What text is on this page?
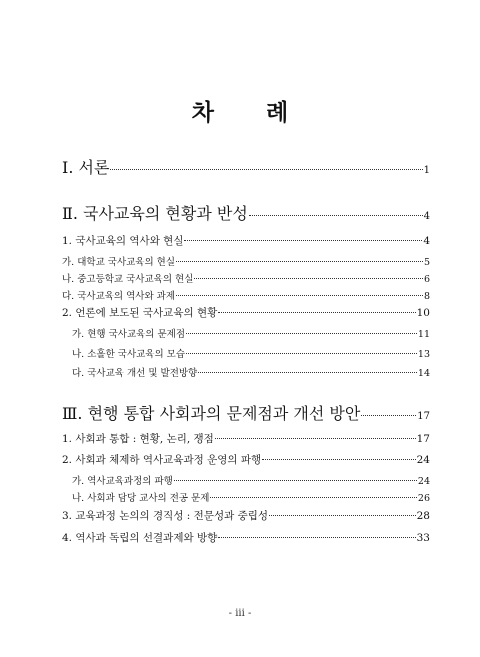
차 례
Ⅰ. 서론	1
Ⅱ. 국사교육의 현황과 반성	4
1. 국사교육의 역사와 현실	4
가. 대학교 국사교육의 현실	5
나. 중고등학교 국사교육의 현실	6
다. 국사교육의 역사와 과제	8
2. 언론에 보도된 국사교육의 현황	10
가. 현행 국사교육의 문제점	11
나. 소홀한 국사교육의 모습	13
다. 국사교육 개선 및 발전방향	14
Ⅲ. 현행 통합 사회과의 문제점과 개선 방안	17
1. 사회과 통합 : 현황, 논리, 쟁점	17
2. 사회과 체제하 역사교육과정 운영의 파행	24
가. 역사교육과정의 파행	24
나. 사회과 담당 교사의 전공 문제	26
3. 교육과정 논의의 경직성 : 전문성과 중립성	28
4. 역사과 독립의 선결과제와 방향	33
- iii -
